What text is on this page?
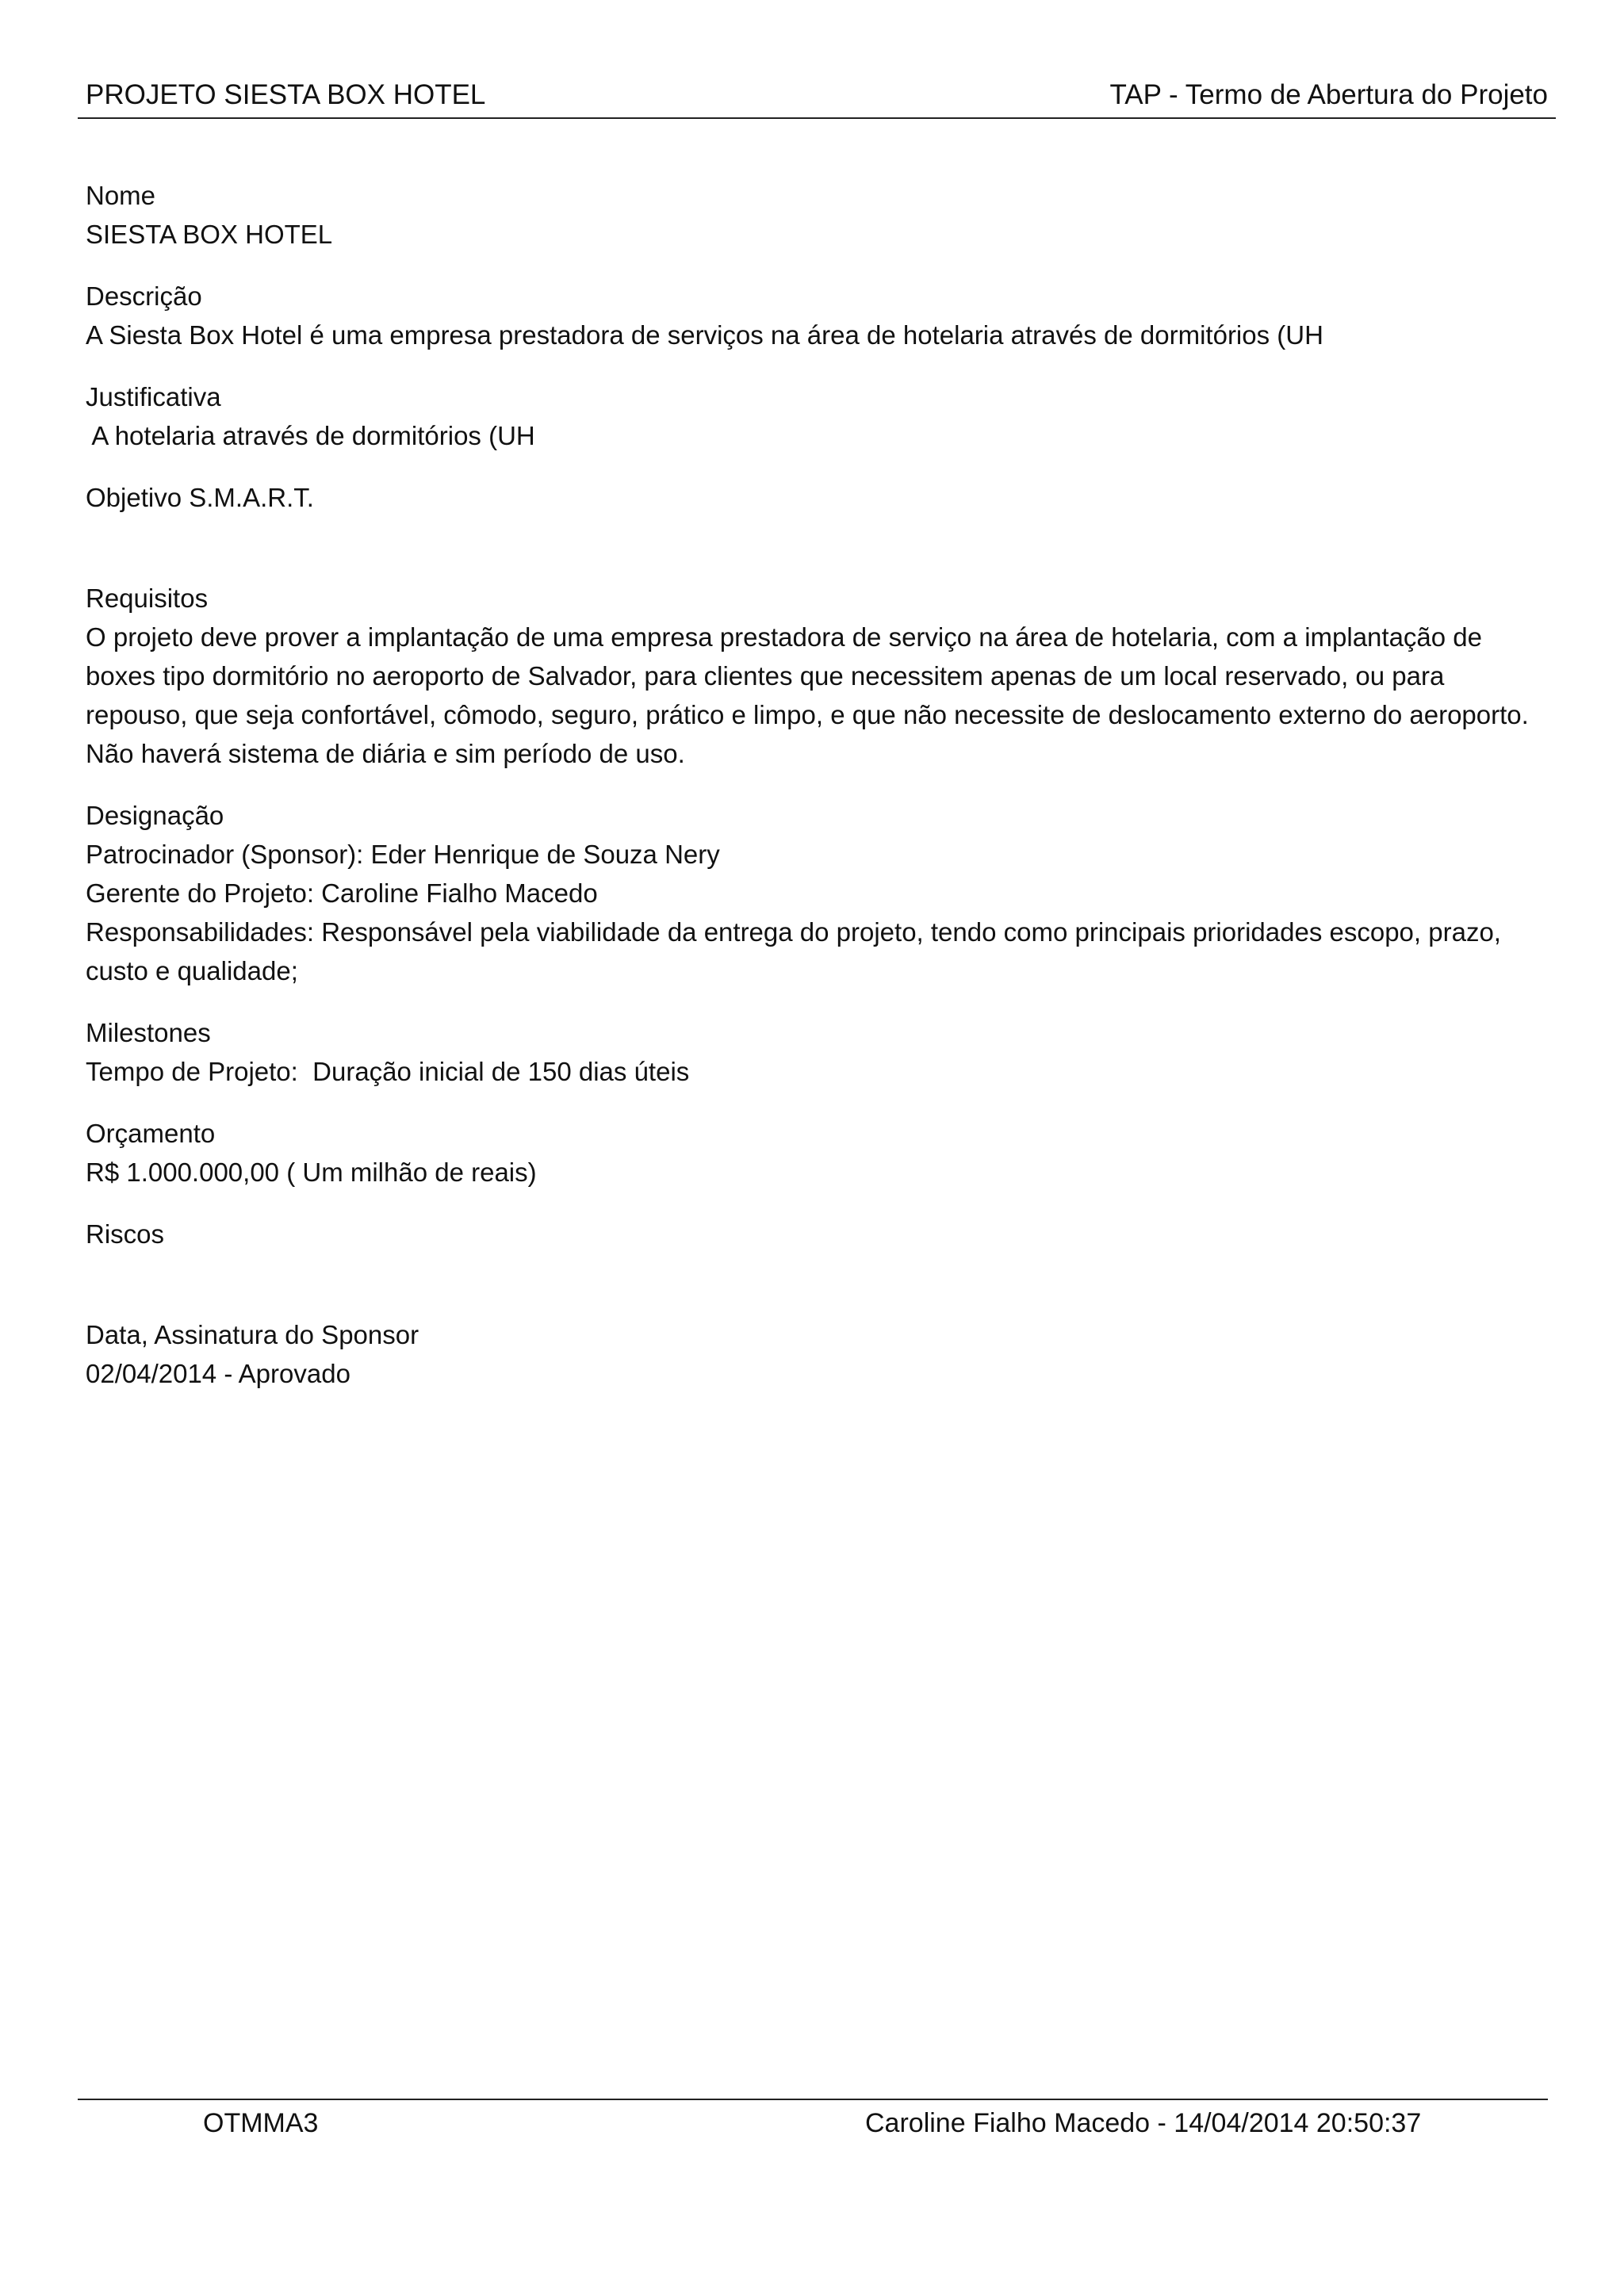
PROJETO SIESTA BOX HOTEL	TAP - Termo de Abertura do Projeto

Nome

SIESTA BOX HOTEL

Descrição

A Siesta Box Hotel é uma empresa prestadora de serviços na área de hotelaria através de dormitórios (UH

Justificativa

A hotelaria através de dormitórios (UH

Objetivo S.M.A.R.T.

Requisitos

O projeto deve prover a implantação de uma empresa prestadora de serviço na área de hotelaria, com a implantação de boxes tipo dormitório no aeroporto de Salvador, para clientes que necessitem apenas de um local reservado, ou para repouso, que seja confortável, cômodo, seguro, prático e limpo, e que não necessite de deslocamento externo do aeroporto. Não haverá sistema de diária e sim período de uso.

Designação

Patrocinador (Sponsor): Eder Henrique de Souza Nery

Gerente do Projeto: Caroline Fialho Macedo

Responsabilidades: Responsável pela viabilidade da entrega do projeto, tendo como principais prioridades escopo, prazo, custo e qualidade;

Milestones

Tempo de Projeto:  Duração inicial de 150 dias úteis

Orçamento

R$ 1.000.000,00 ( Um milhão de reais)

Riscos

Data, Assinatura do Sponsor

02/04/2014 - Aprovado

OTMMA3	Caroline Fialho Macedo - 14/04/2014 20:50:37
